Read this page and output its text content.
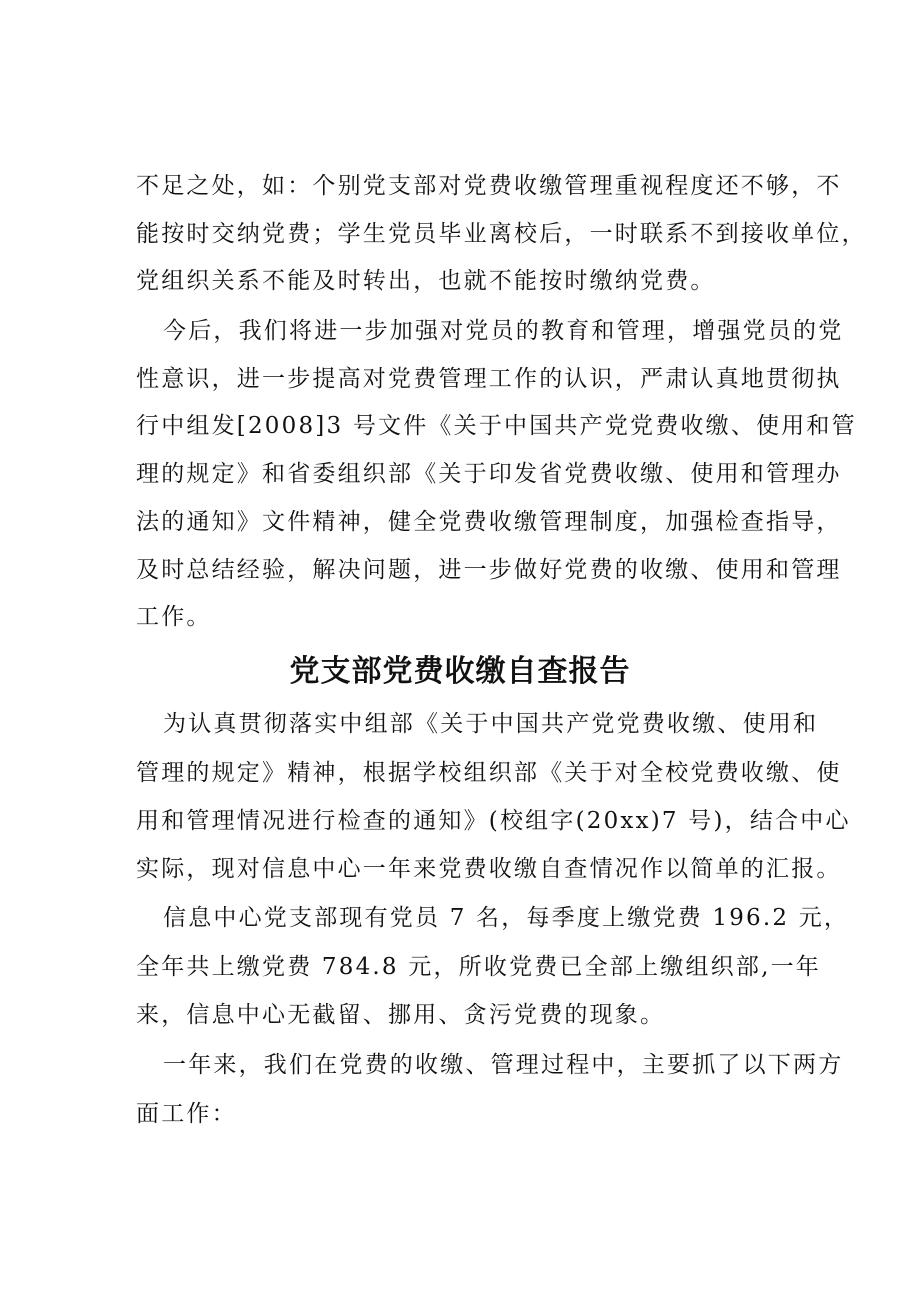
不足之处，如：个别党支部对党费收缴管理重视程度还不够，不
能按时交纳党费；学生党员毕业离校后，一时联系不到接收单位，
党组织关系不能及时转出，也就不能按时缴纳党费。
今后，我们将进一步加强对党员的教育和管理，增强党员的党
性意识，进一步提高对党费管理工作的认识，严肃认真地贯彻执
行中组发[2008]3 号文件《关于中国共产党党费收缴、使用和管
理的规定》和省委组织部《关于印发省党费收缴、使用和管理办
法的通知》文件精神，健全党费收缴管理制度，加强检查指导，
及时总结经验，解决问题，进一步做好党费的收缴、使用和管理
工作。
党支部党费收缴自查报告
为认真贯彻落实中组部《关于中国共产党党费收缴、使用和
管理的规定》精神，根据学校组织部《关于对全校党费收缴、使
用和管理情况进行检查的通知》(校组字(20xx)7 号)，结合中心
实际，现对信息中心一年来党费收缴自查情况作以简单的汇报。
信息中心党支部现有党员 7 名，每季度上缴党费 196.2 元，
全年共上缴党费 784.8 元，所收党费已全部上缴组织部,一年
来，信息中心无截留、挪用、贪污党费的现象。
一年来，我们在党费的收缴、管理过程中，主要抓了以下两方
面工作：
